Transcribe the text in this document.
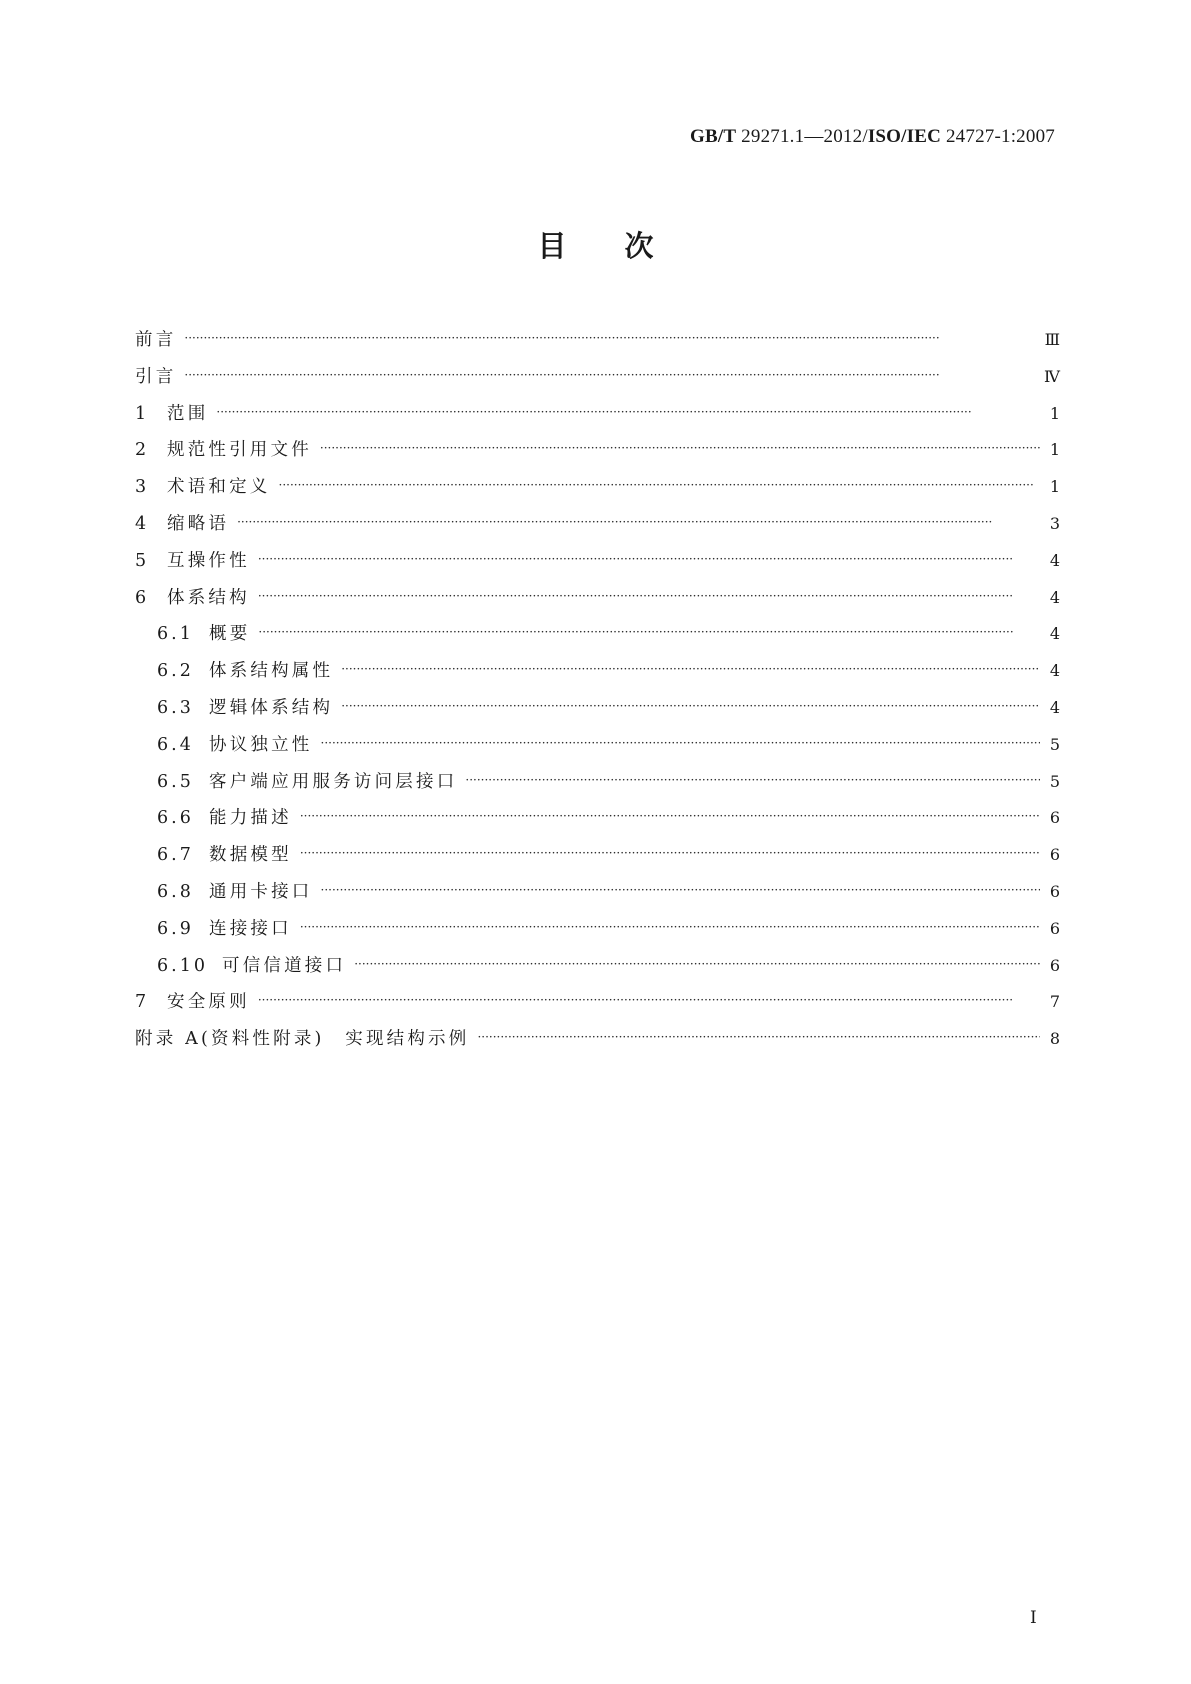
GB/T 29271.1—2012/ISO/IEC 24727-1:2007
目 次
前言 ·····	Ⅲ
引言 ·····	Ⅳ
1	范围 ·····	1
2	规范性引用文件 ·····	1
3	术语和定义 ·····	1
4	缩略语 ·····	3
5	互操作性 ·····	4
6	体系结构 ·····	4
6.1 概要 ·····	4
6.2 体系结构属性 ·····	4
6.3 逻辑体系结构 ·····	4
6.4 协议独立性 ·····	5
6.5 客户端应用服务访问层接口 ·····	5
6.6 能力描述 ·····	6
6.7 数据模型 ·····	6
6.8 通用卡接口 ·····	6
6.9 连接接口 ·····	6
6.10 可信信道接口 ·····	6
7	安全原则 ·····	7
附录 A(资料性附录)　实现结构示例 ·····	8
I
